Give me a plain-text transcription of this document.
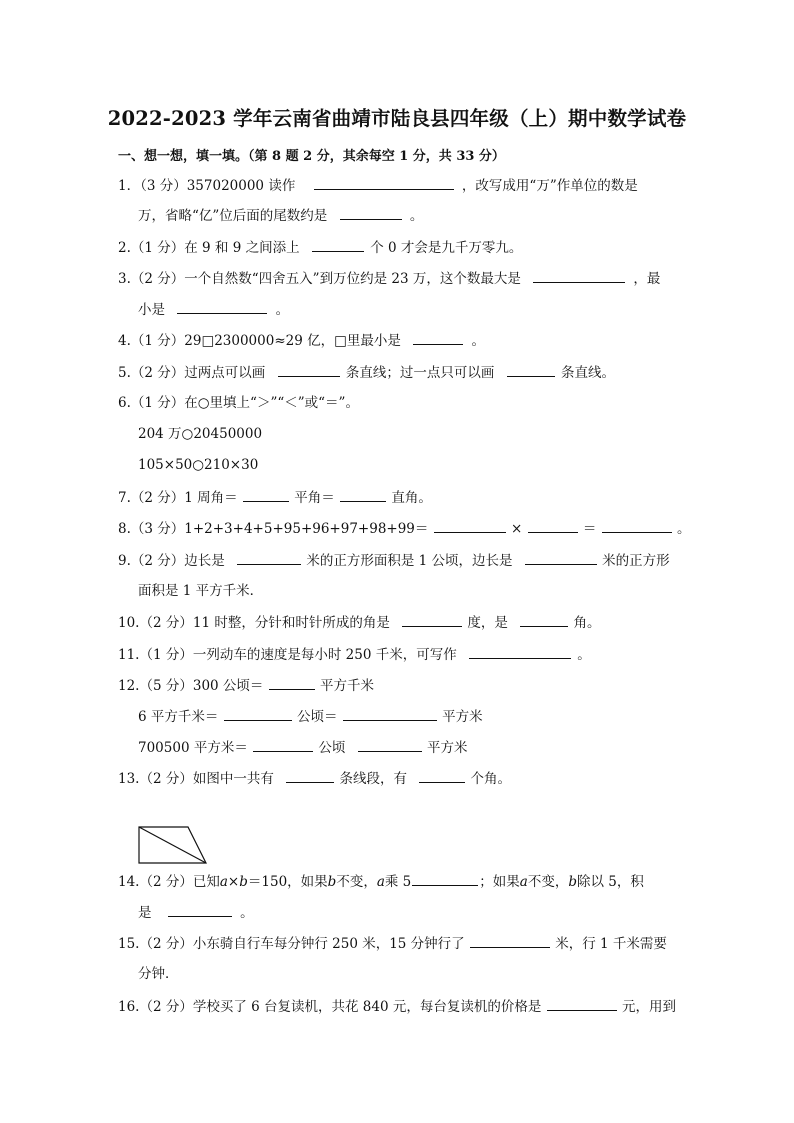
2022-2023 学年云南省曲靖市陆良县四年级（上）期中数学试卷
一、想一想，填一填。（第 8 题 2 分，其余每空 1 分，共 33 分）
1．（3 分）357020000 读作	，改写成用“万”作单位的数是
万，省略“亿”位后面的尾数约是	。
2.（1 分）在 9 和 9 之间添上	个 0 才会是九千万零九。
3.（2 分）一个自然数“四舍五入”到万位约是 23 万，这个数最大是	，最
小是	。
4.（1 分）29□2300000≈29 亿，□里最小是	。
5.（2 分）过两点可以画	条直线；过一点只可以画	条直线。
6.（1 分）在○里填上“＞”“＜”或“＝”。
204 万○20450000
105×50○210×30
7.（2 分）1 周角＝	平角＝	直角。
8.（3 分）1+2+3+4+5+95+96+97+98+99＝	×	＝	。
9.（2 分）边长是	米的正方形面积是 1 公顷，边长是	米的正方形
面积是 1 平方千米．
10.（2 分）11 时整，分针和时针所成的角是	度，是	角。
11.（1 分）一列动车的速度是每小时 250 千米，可写作	。
12.（5 分）300 公顷＝	平方千米
6 平方千米＝	公顷＝	平方米
700500 平方米＝	公顷	平方米
13.（2 分）如图中一共有	条线段，有	个角。
14.（2 分）已知a×b＝150，如果b不变，a乘 5	；如果a不变，b除以 5，积
是	。
15.（2 分）小东骑自行车每分钟行 250 米，15 分钟行了	米，行 1 千米需要
分钟．
16.（2 分）学校买了 6 台复读机，共花 840 元，每台复读机的价格是	元，用到
